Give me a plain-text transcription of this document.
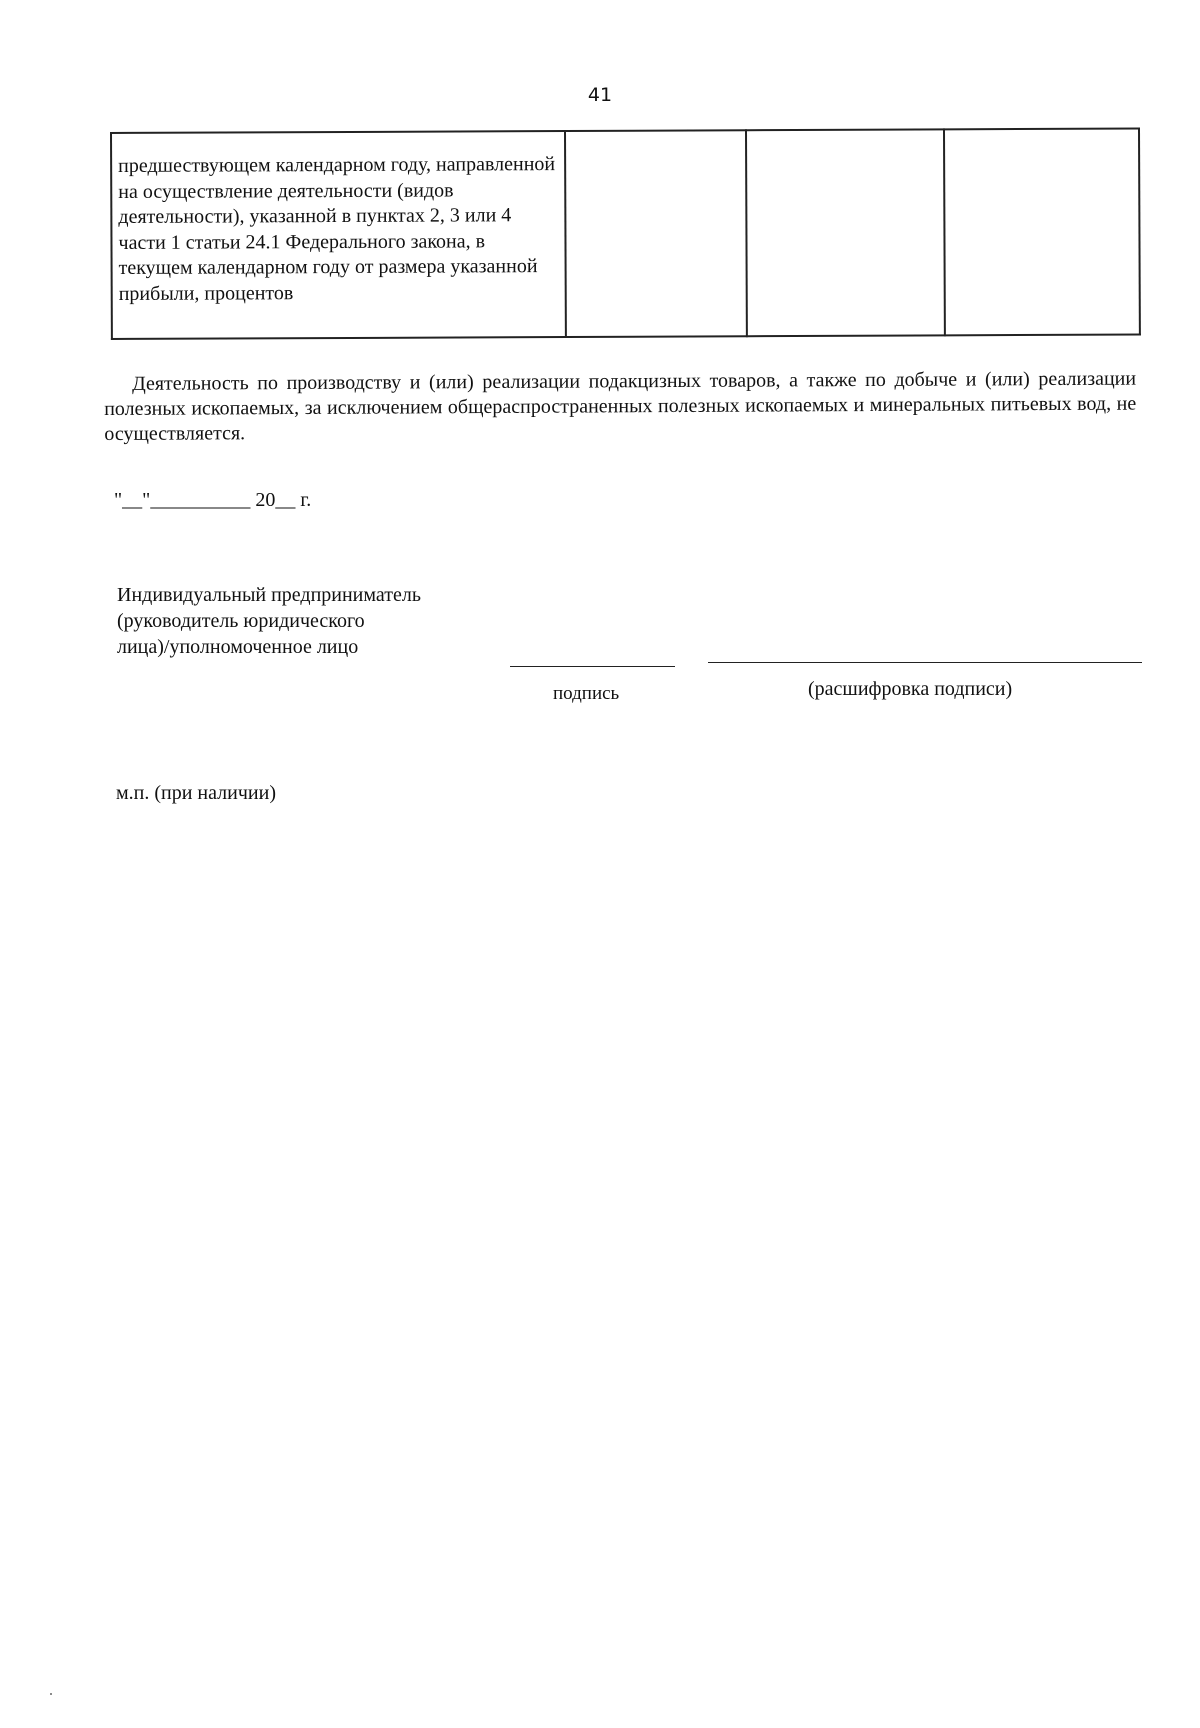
41
предшествующем календарном году, направленной на осуществление деятельности (видов деятельности), указанной в пунктах 2, 3 или 4 части 1 статьи 24.1 Федерального закона, в текущем календарном году от размера указанной прибыли, процентов			
Деятельность по производству и (или) реализации подакцизных товаров, а также по добыче и (или) реализации полезных ископаемых, за исключением общераспространенных полезных ископаемых и минеральных питьевых вод, не осуществляется.
"__"__________ 20__ г.
Индивидуальный предприниматель
(руководитель юридического
лица)/уполномоченное лицо
подпись	(расшифровка подписи)
м.п. (при наличии)
